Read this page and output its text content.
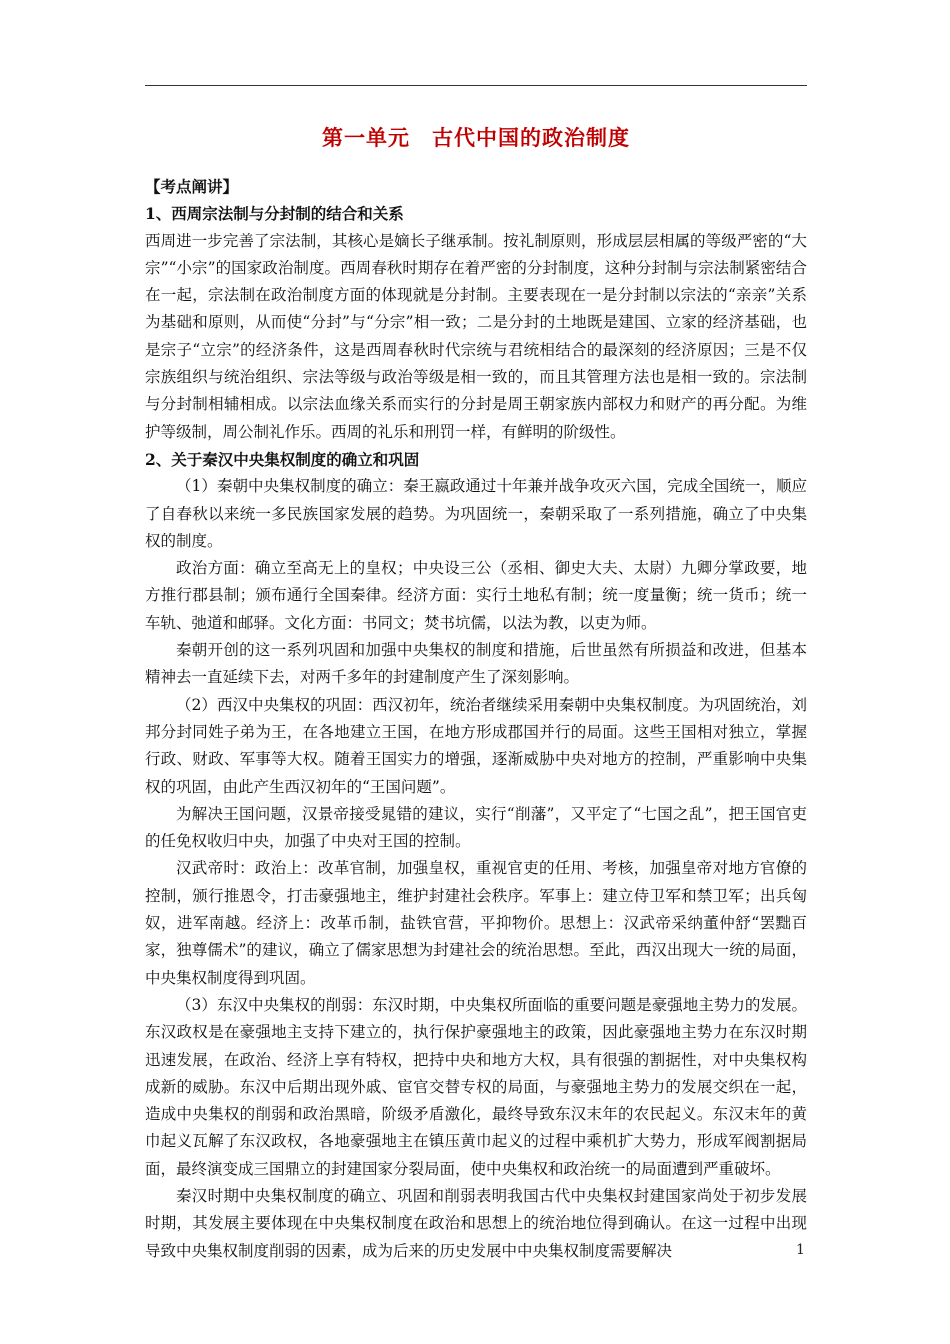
第一单元　古代中国的政治制度

【考点阐讲】

1、西周宗法制与分封制的结合和关系

西周进一步完善了宗法制，其核心是嫡长子继承制。按礼制原则，形成层层相属的等级严密的“大宗”“小宗”的国家政治制度。西周春秋时期存在着严密的分封制度，这种分封制与宗法制紧密结合在一起，宗法制在政治制度方面的体现就是分封制。主要表现在一是分封制以宗法的“亲亲”关系为基础和原则，从而使“分封”与“分宗”相一致；二是分封的土地既是建国、立家的经济基础，也是宗子“立宗”的经济条件，这是西周春秋时代宗统与君统相结合的最深刻的经济原因；三是不仅宗族组织与统治组织、宗法等级与政治等级是相一致的，而且其管理方法也是相一致的。宗法制与分封制相辅相成。以宗法血缘关系而实行的分封是周王朝家族内部权力和财产的再分配。为维护等级制，周公制礼作乐。西周的礼乐和刑罚一样，有鲜明的阶级性。

2、关于秦汉中央集权制度的确立和巩固

（1）秦朝中央集权制度的确立：秦王嬴政通过十年兼并战争攻灭六国，完成全国统一，顺应了自春秋以来统一多民族国家发展的趋势。为巩固统一，秦朝采取了一系列措施，确立了中央集权的制度。

政治方面：确立至高无上的皇权；中央设三公（丞相、御史大夫、太尉）九卿分掌政要，地方推行郡县制；颁布通行全国秦律。经济方面：实行土地私有制；统一度量衡；统一货币；统一车轨、弛道和邮驿。文化方面：书同文；焚书坑儒，以法为教，以吏为师。

秦朝开创的这一系列巩固和加强中央集权的制度和措施，后世虽然有所损益和改进，但基本精神去一直延续下去，对两千多年的封建制度产生了深刻影响。

（2）西汉中央集权的巩固：西汉初年，统治者继续采用秦朝中央集权制度。为巩固统治，刘邦分封同姓子弟为王，在各地建立王国，在地方形成郡国并行的局面。这些王国相对独立，掌握行政、财政、军事等大权。随着王国实力的增强，逐渐威胁中央对地方的控制，严重影响中央集权的巩固，由此产生西汉初年的“王国问题”。

为解决王国问题，汉景帝接受晁错的建议，实行“削藩”，又平定了“七国之乱”，把王国官吏的任免权收归中央，加强了中央对王国的控制。

汉武帝时：政治上：改革官制，加强皇权，重视官吏的任用、考核，加强皇帝对地方官僚的控制，颁行推恩令，打击豪强地主，维护封建社会秩序。军事上：建立侍卫军和禁卫军；出兵匈奴，进军南越。经济上：改革币制，盐铁官营，平抑物价。思想上：汉武帝采纳董仲舒“罢黜百家，独尊儒术”的建议，确立了儒家思想为封建社会的统治思想。至此，西汉出现大一统的局面，中央集权制度得到巩固。

（3）东汉中央集权的削弱：东汉时期，中央集权所面临的重要问题是豪强地主势力的发展。东汉政权是在豪强地主支持下建立的，执行保护豪强地主的政策，因此豪强地主势力在东汉时期迅速发展，在政治、经济上享有特权，把持中央和地方大权，具有很强的割据性，对中央集权构成新的威胁。东汉中后期出现外戚、宦官交替专权的局面，与豪强地主势力的发展交织在一起，造成中央集权的削弱和政治黑暗，阶级矛盾激化，最终导致东汉末年的农民起义。东汉末年的黄巾起义瓦解了东汉政权，各地豪强地主在镇压黄巾起义的过程中乘机扩大势力，形成军阀割据局面，最终演变成三国鼎立的封建国家分裂局面，使中央集权和政治统一的局面遭到严重破坏。

秦汉时期中央集权制度的确立、巩固和削弱表明我国古代中央集权封建国家尚处于初步发展时期，其发展主要体现在中央集权制度在政治和思想上的统治地位得到确认。在这一过程中出现导致中央集权制度削弱的因素，成为后来的历史发展中中央集权制度需要解决	1
